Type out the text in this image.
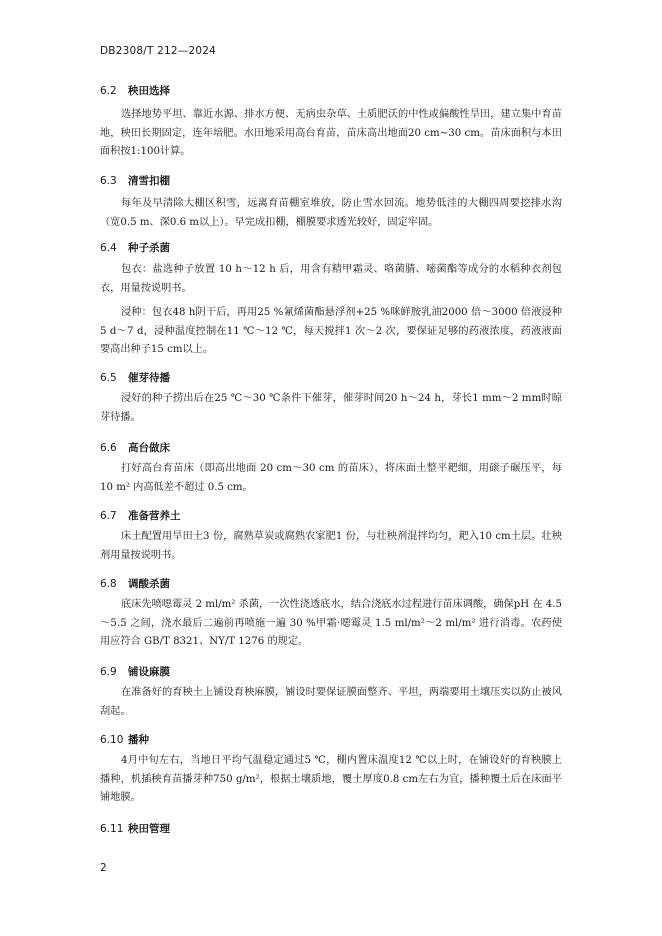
DB2308/T 212—2024
6.2 秧田选择
选择地势平坦、靠近水源、排水方便、无病虫杂草、土质肥沃的中性或偏酸性旱田，建立集中育苗地，秧田长期固定，连年培肥。水田地采用高台育苗，苗床高出地面20 cm~30 cm。苗床面积与本田面积按1:100计算。
6.3 清雪扣棚
每年及早清除大棚区积雪，远离育苗棚室堆放，防止雪水回流。地势低洼的大棚四周要挖排水沟（宽0.5 m、深0.6 m以上）。早完成扣棚，棚膜要求透光较好，固定牢固。
6.4 种子杀菌
包衣：盐选种子放置 10 h～12 h 后，用含有精甲霜灵、咯菌腈、嘧菌酯等成分的水稻种衣剂包衣，用量按说明书。
浸种：包衣48 h阴干后，再用25 %氰烯菌酯悬浮剂+25 %咪鲜胺乳油2000 倍～3000 倍液浸种5 d～7 d，浸种温度控制在11 ℃～12 ℃，每天搅拌1 次～2 次，要保证足够的药液浓度，药液液面要高出种子15 cm以上。
6.5 催芽待播
浸好的种子捞出后在25 ℃～30 ℃条件下催芽，催芽时间20 h～24 h，芽长1 mm～2 mm时晾芽待播。
6.6 高台做床
打好高台育苗床（即高出地面 20 cm～30 cm 的苗床），将床面土整平耙细，用磙子碾压平，每 10 m² 内高低差不超过 0.5 cm。
6.7 准备营养土
床土配置用旱田土3 份，腐熟草炭或腐熟农家肥1 份，与壮秧剂混拌均匀，耙入10 cm土层。壮秧剂用量按说明书。
6.8 调酸杀菌
底床先喷噁霉灵 2 ml/m² 杀菌，一次性浇透底水，结合浇底水过程进行苗床调酸，确保pH 在 4.5～5.5 之间，浇水最后二遍前再喷施一遍 30 %甲霜·噁霉灵 1.5 ml/m²～2 ml/m² 进行消毒。农药使用应符合 GB/T 8321、NY/T 1276 的规定。
6.9 铺设麻膜
在准备好的育秧土上铺设育秧麻膜，铺设时要保证膜面整齐、平坦，两端要用土壤压实以防止被风刮起。
6.10 播种
4月中旬左右，当地日平均气温稳定通过5 ℃，棚内置床温度12 ℃以上时，在铺设好的育秧膜上播种，机插秧育苗播芽种750 g/m²，根据土壤质地，覆土厚度0.8 cm左右为宜，播种覆土后在床面平铺地膜。
6.11 秧田管理
2
